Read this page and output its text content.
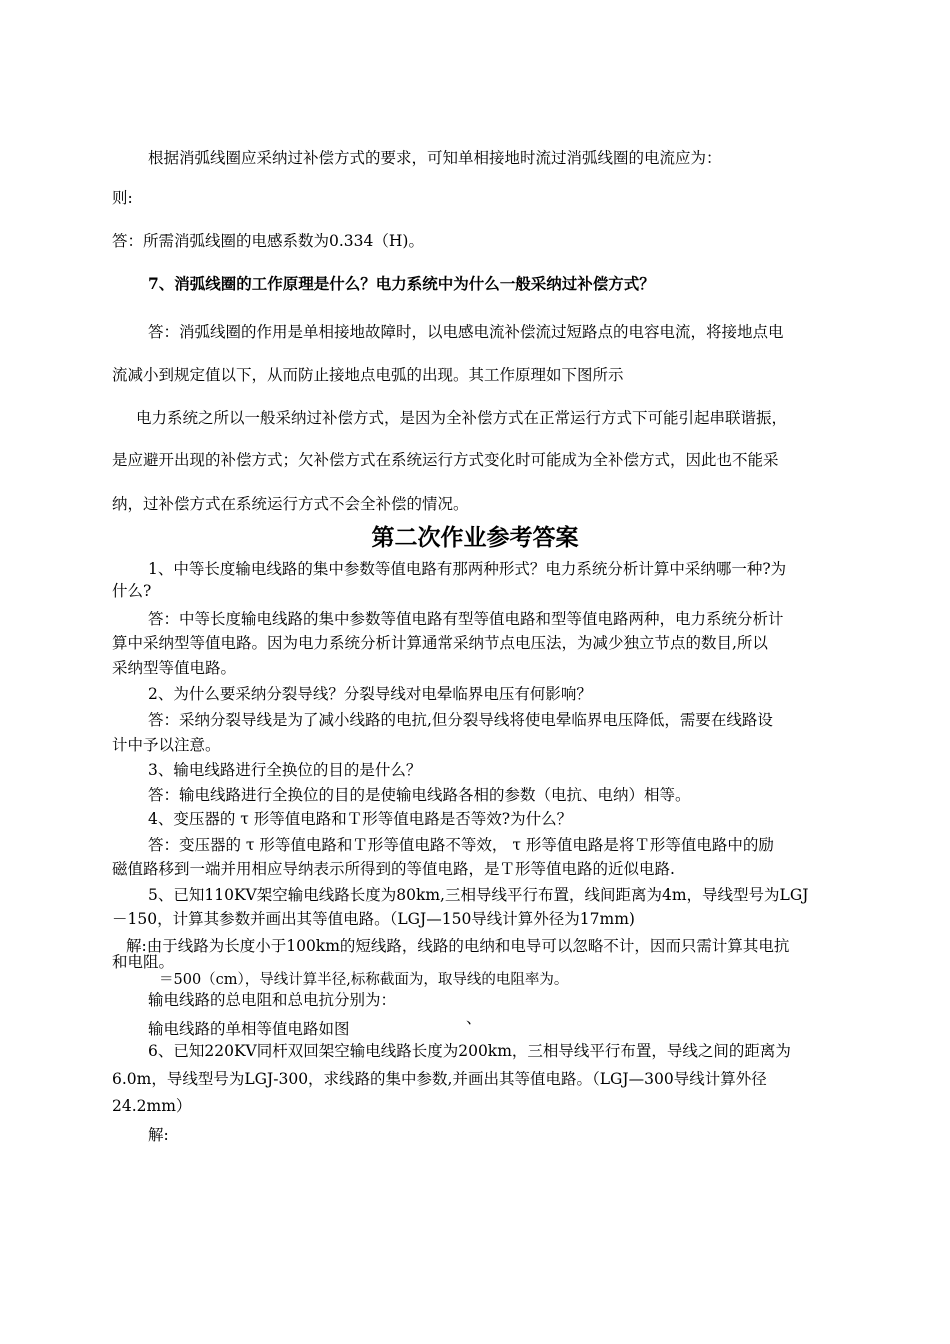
根据消弧线圈应采纳过补偿方式的要求，可知单相接地时流过消弧线圈的电流应为：

则:

答：所需消弧线圈的电感系数为0.334（H)。

7、消弧线圈的工作原理是什么？电力系统中为什么一般采纳过补偿方式？

答：消弧线圈的作用是单相接地故障时，以电感电流补偿流过短路点的电容电流，将接地点电

流减小到规定值以下，从而防止接地点电弧的出现。其工作原理如下图所示

电力系统之所以一般采纳过补偿方式，是因为全补偿方式在正常运行方式下可能引起串联谐振，

是应避开出现的补偿方式；欠补偿方式在系统运行方式变化时可能成为全补偿方式，因此也不能采

纳，过补偿方式在系统运行方式不会全补偿的情况。

第二次作业参考答案

1、中等长度输电线路的集中参数等值电路有那两种形式？电力系统分析计算中采纳哪一种?为

什么?

答：中等长度输电线路的集中参数等值电路有型等值电路和型等值电路两种，电力系统分析计

算中采纳型等值电路。因为电力系统分析计算通常采纳节点电压法，为减少独立节点的数目,所以

采纳型等值电路。

2、为什么要采纳分裂导线？分裂导线对电晕临界电压有何影响？

答：采纳分裂导线是为了减小线路的电抗,但分裂导线将使电晕临界电压降低，需要在线路设

计中予以注意。

3、输电线路进行全换位的目的是什么？

答：输电线路进行全换位的目的是使输电线路各相的参数（电抗、电纳）相等。

4、变压器的 τ 形等值电路和Ｔ形等值电路是否等效?为什么？

答：变压器的 τ 形等值电路和Ｔ形等值电路不等效， τ 形等值电路是将Ｔ形等值电路中的励

磁值路移到一端并用相应导纳表示所得到的等值电路，是Ｔ形等值电路的近似电路.

5、已知110KV架空输电线路长度为80km,三相导线平行布置，线间距离为4m，导线型号为LGJ

－150，计算其参数并画出其等值电路。（LGJ—150导线计算外径为17mm)

解:由于线路为长度小于100km的短线路，线路的电纳和电导可以忽略不计，因而只需计算其电抗

和电阻。

＝500（cm），导线计算半径,标称截面为，取导线的电阻率为。

输电线路的总电阻和总电抗分别为：

、

输电线路的单相等值电路如图

6、已知220KV同杆双回架空输电线路长度为200km，三相导线平行布置，导线之间的距离为

6.0m，导线型号为LGJ-300，求线路的集中参数,并画出其等值电路。（LGJ—300导线计算外径

24.2mm）

解:
